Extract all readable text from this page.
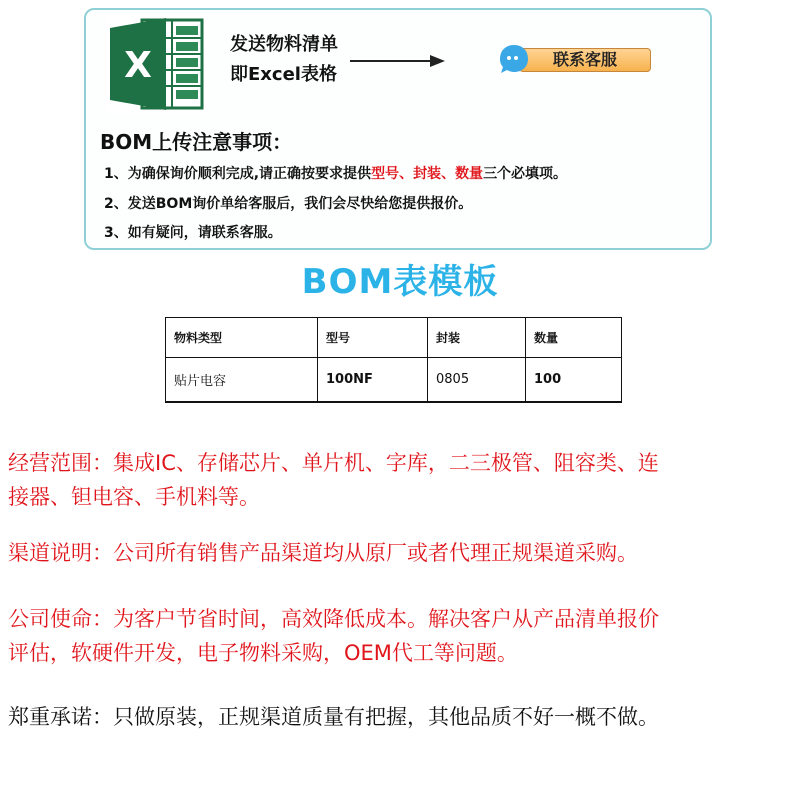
X
发送物料清单
即Excel表格
联系客服
BOM上传注意事项：
1、为确保询价顺利完成,请正确按要求提供型号、封装、数量三个必填项。
2、发送BOM询价单给客服后，我们会尽快给您提供报价。
3、如有疑问，请联系客服。
BOM表模板
物料类型	型号	封装	数量
贴片电容	100NF	0805	100
经营范围：集成IC、存储芯片、单片机、字库，二三极管、阻容类、连
接器、钽电容、手机料等。
渠道说明：公司所有销售产品渠道均从原厂或者代理正规渠道采购。
公司使命：为客户节省时间，高效降低成本。解决客户从产品清单报价
评估，软硬件开发，电子物料采购，OEM代工等问题。
郑重承诺：只做原装，正规渠道质量有把握，其他品质不好一概不做。
